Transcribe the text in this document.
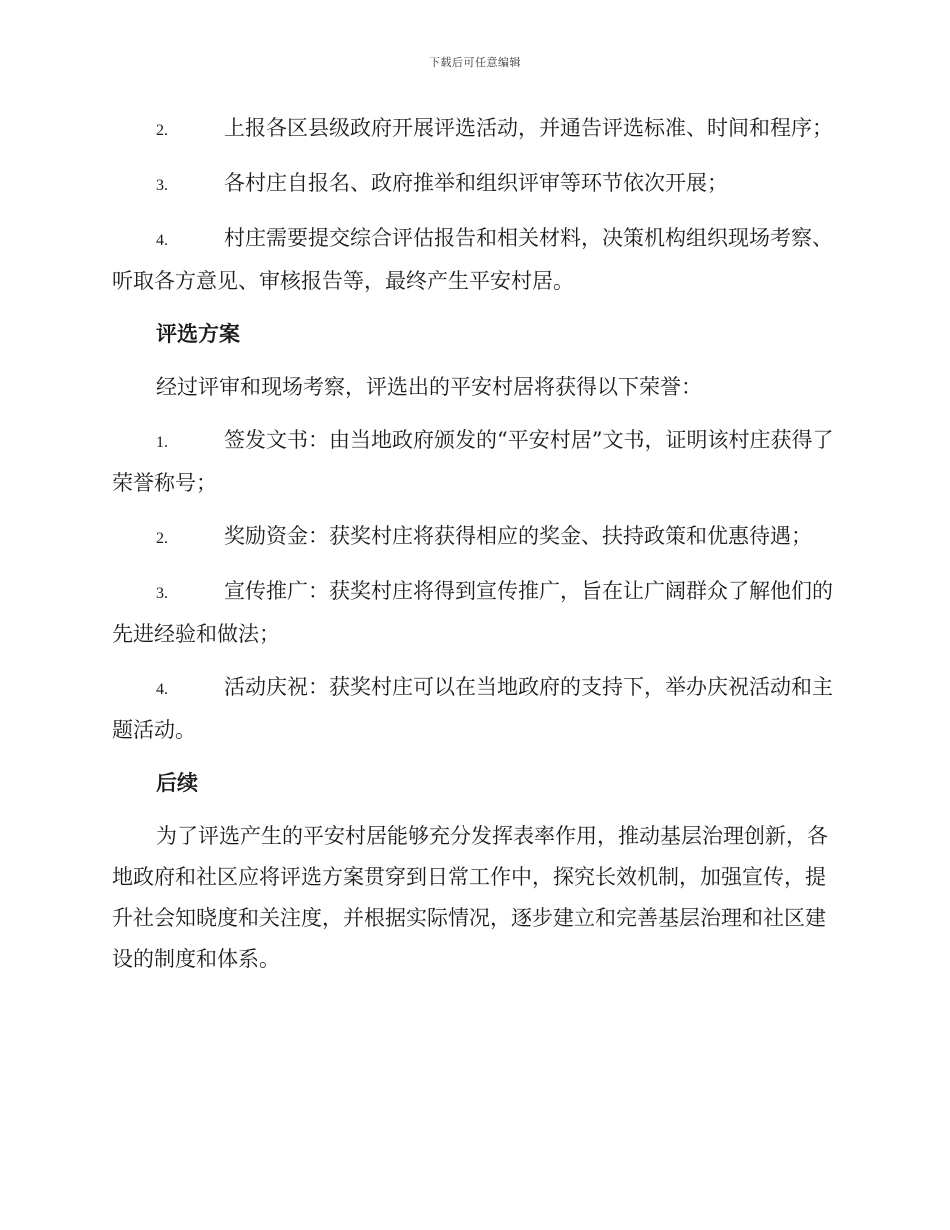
下载后可任意编辑
2.	上报各区县级政府开展评选活动，并通告评选标准、时间和程序；
3.	各村庄自报名、政府推举和组织评审等环节依次开展；
4.	村庄需要提交综合评估报告和相关材料，决策机构组织现场考察、听取各方意见、审核报告等，最终产生平安村居。
评选方案
经过评审和现场考察，评选出的平安村居将获得以下荣誉：
1.	签发文书：由当地政府颁发的“平安村居”文书，证明该村庄获得了荣誉称号；
2.	奖励资金：获奖村庄将获得相应的奖金、扶持政策和优惠待遇；
3.	宣传推广：获奖村庄将得到宣传推广，旨在让广阔群众了解他们的先进经验和做法；
4.	活动庆祝：获奖村庄可以在当地政府的支持下，举办庆祝活动和主题活动。
后续
为了评选产生的平安村居能够充分发挥表率作用，推动基层治理创新，各地政府和社区应将评选方案贯穿到日常工作中，探究长效机制，加强宣传，提升社会知晓度和关注度，并根据实际情况，逐步建立和完善基层治理和社区建设的制度和体系。
